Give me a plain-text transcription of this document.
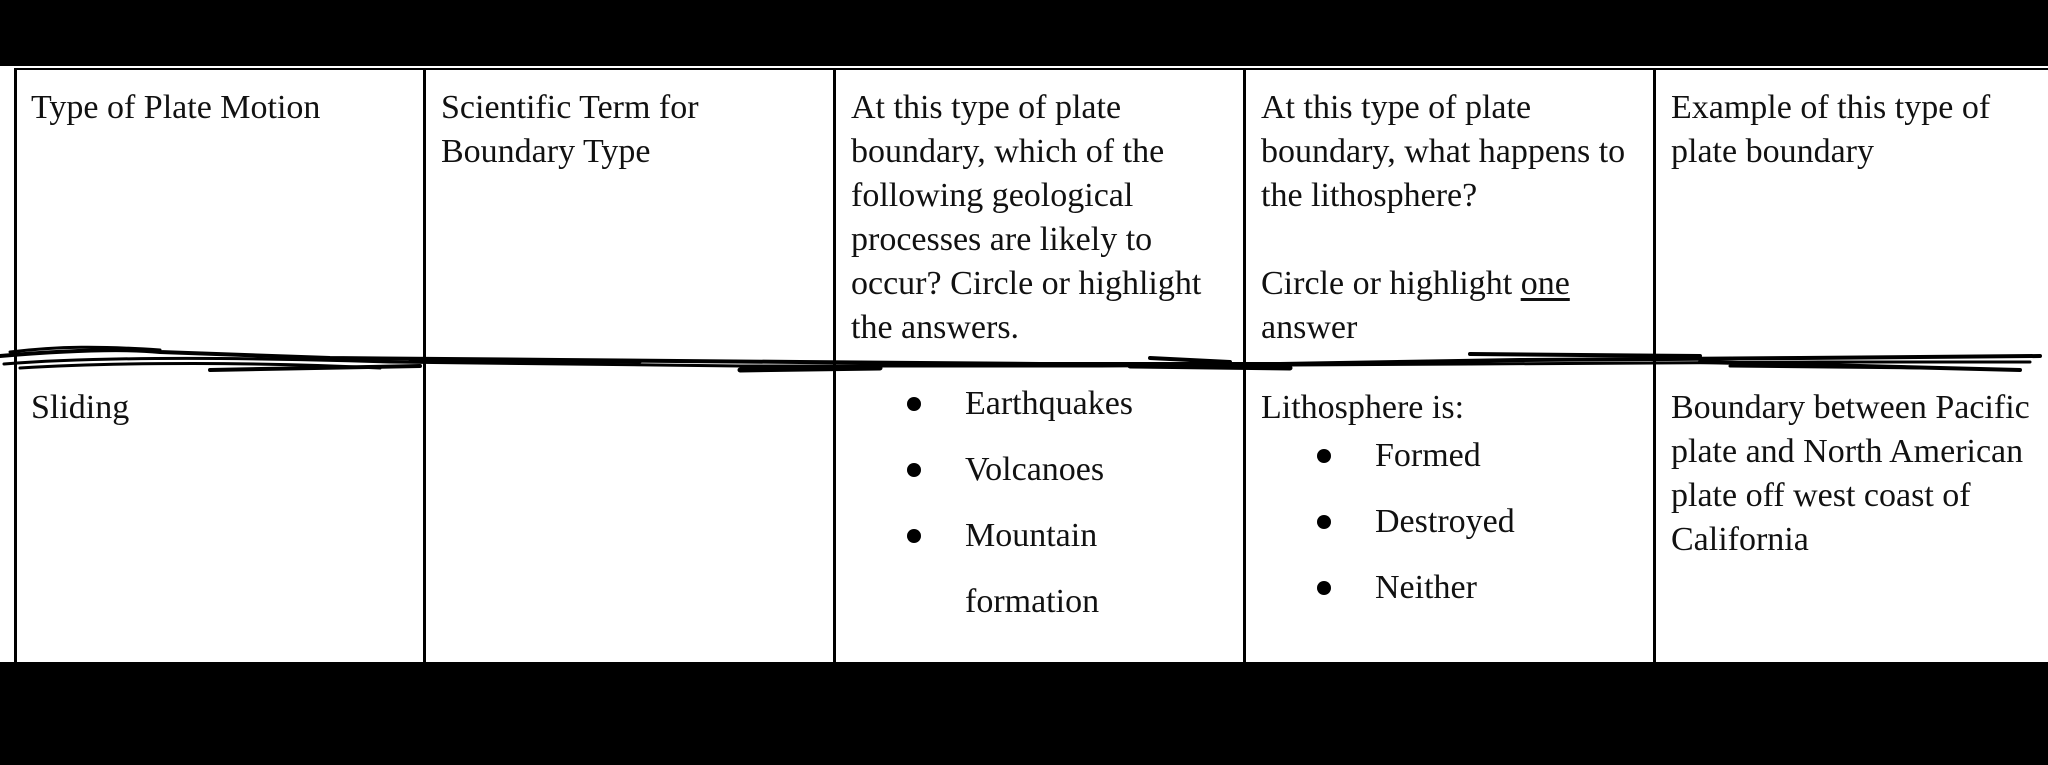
Type of Plate Motion	Scientific Term for Boundary Type
At this type of plate boundary, which of the following geological processes are likely to occur? Circle or highlight the answers.
At this type of plate boundary, what happens to the lithosphere?
Circle or highlight one answer
Example of this type of plate boundary
Sliding	Earthquakes
Volcanoes
Mountain
formation
Lithosphere is:
Formed
Destroyed
Neither
Boundary between Pacific plate and North American plate off west coast of California
